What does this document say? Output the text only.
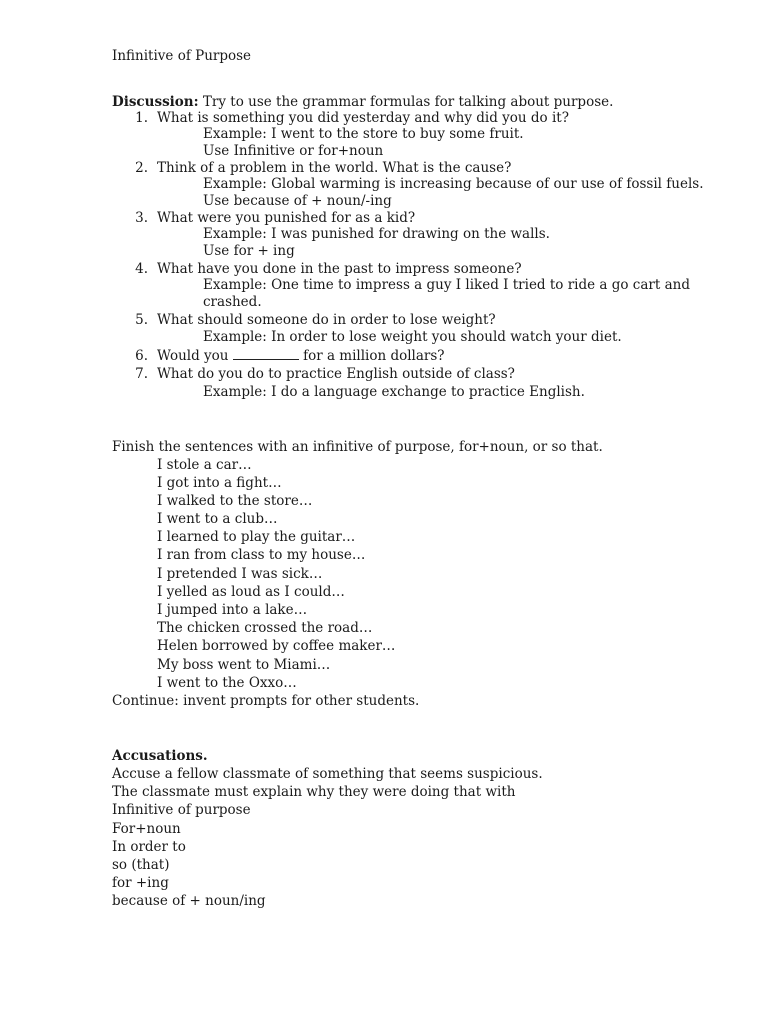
Infinitive of Purpose
Discussion: Try to use the grammar formulas for talking about purpose.
1. What is something you did yesterday and why did you do it?
Example: I went to the store to buy some fruit.
Use Infinitive or for+noun
2. Think of a problem in the world. What is the cause?
Example: Global warming is increasing because of our use of fossil fuels.
Use because of + noun/-ing
3. What were you punished for as a kid?
Example: I was punished for drawing on the walls.
Use for + ing
4. What have you done in the past to impress someone?
Example: One time to impress a guy I liked I tried to ride a go cart and
crashed.
5. What should someone do in order to lose weight?
Example: In order to lose weight you should watch your diet.
6. Would you	for a million dollars?
7. What do you do to practice English outside of class?
Example: I do a language exchange to practice English.
Finish the sentences with an infinitive of purpose, for+noun, or so that.
I stole a car…
I got into a fight…
I walked to the store…
I went to a club…
I learned to play the guitar…
I ran from class to my house…
I pretended I was sick…
I yelled as loud as I could…
I jumped into a lake…
The chicken crossed the road…
Helen borrowed by coffee maker…
My boss went to Miami…
I went to the Oxxo…
Continue: invent prompts for other students.
Accusations.
Accuse a fellow classmate of something that seems suspicious.
The classmate must explain why they were doing that with
Infinitive of purpose
For+noun
In order to
so (that)
for +ing
because of + noun/ing
